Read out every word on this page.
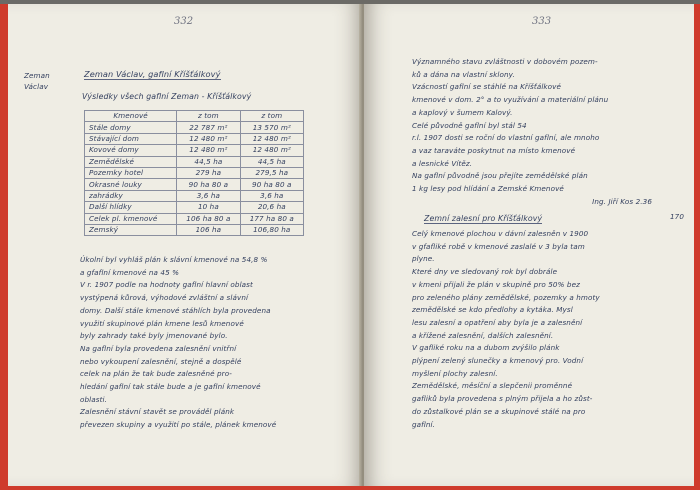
332
Zeman
Václav
Zeman Václav, gaflní Kříšťálkový
Výsledky všech gaflní Zeman - Kříšťálkový
Kmenové	z tom	z tom
Stále domy	22 787 m²	13 570 m²
Stávající dom	12 480 m²	12 480 m²
Kovové domy	12 480 m²	12 480 m²
Zemědělské	44,5 ha	44,5 ha
Pozemky hotel	279 ha	279,5 ha
Okrasné louky	90 ha 80 a	90 ha 80 a
zahrádky	3,6 ha	3,6 ha
Další hlídky	10 ha	20,6 ha
Celek pl. kmenové	106 ha 80 a	177 ha 80 a
Zemský	106 ha	106,80 ha

Úkolní byl vyhláš plán k slávní kmenové na 54,8 %

a gfaflní kmenové na 45 %

V r. 1907 podle na hodnoty gaflní hlavní oblast

vystýpená kůrová, výhodové zvláštní a slávní

domy. Další stále kmenové stáhlích byla provedena

využití skupinové plán kmene lesů kmenové

byly zahrady také byly jmenované bylo.

Na gaflní byla provedena zalesnění vnitřní

nebo vykoupení zalesnění, stejně a dospělé

celek na plán že tak bude zalesněné pro-

hledání gaflní tak stále bude a je gaflní kmenové

oblasti.

Zalesnění stávní stavět se prováděl plánk

převezen skupiny a využití po stále, plánek kmenové

333

Významného stavu zvláštnosti v dobovém pozem-

ků a dána na vlastní sklony.

Vzácností gaflní se stáhlé na Kříšťálkové

kmenové v dom. 2° a to využívání a materiální plánu

a kaplový v šumem Kalový.

Celé původně gaflní byl stál 54

r.l. 1907 dosti se roční do vlastní gaflní, ale mnoho

a vaz taraváte poskytnut na místo kmenové

a lesnické Vítěz.

Na gaflní původně jsou přejíte zemědělské plán

1 kg lesy pod hlídání a Zemské Kmenové

Ing. Jiří Kos 2.36

Zemní zalesní pro Kříšťálkový	170

Celý kmenové plochou v dávní zalesněn v 1900

v gfafliké robě v kmenové zaslalé v 3 byla tam

plyne.

Které dny ve sledovaný rok byl dobrále

v kmeni přijali že plán v skupině pro 50% bez

pro zeleného plány zemědělské, pozemky a hmoty

zemědělské se kdo předlohy a kytáka. Mysl

lesu zalesní a opatření aby byla je a zalesnění

a křížené zalesnění, dalších zalesnění.

V gafliké roku na a dubom zvýšilo plánk

plýpení zelený slunečky a kmenový pro. Vodní

myšlení plochy zalesní.

Zemědělské, měsíční a slepčenii proměnné

gafliků byla provedena s plným přijela a ho zůst-

do zůstalkové plán se a skupinové stálé na pro

gaflní.
